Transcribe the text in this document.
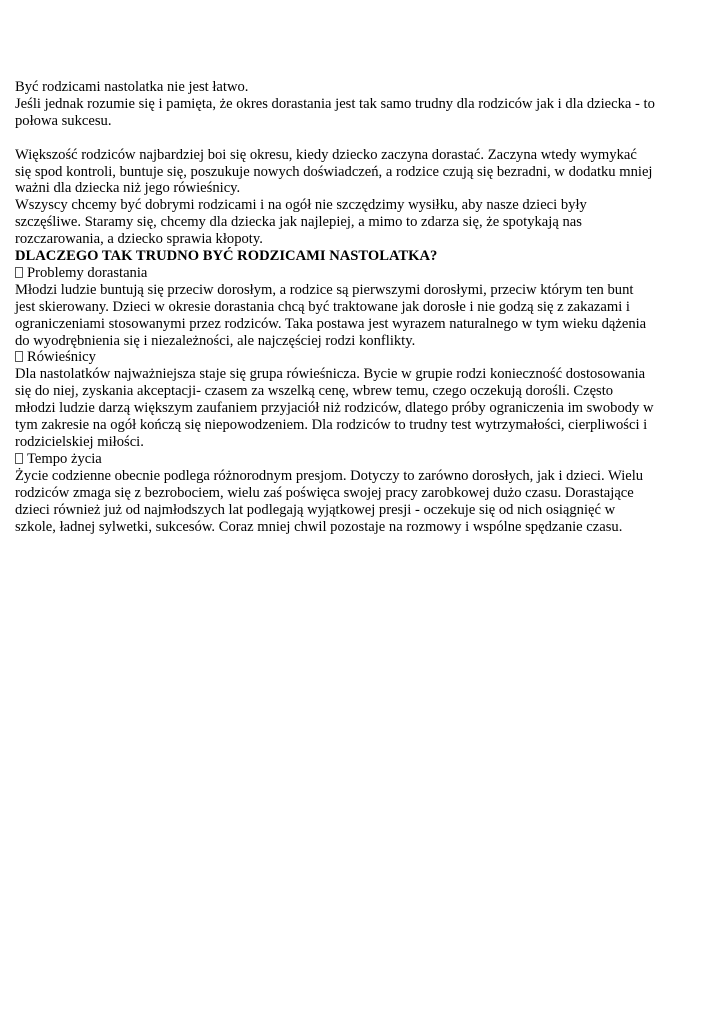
Być rodzicami nastolatka nie jest łatwo.

Jeśli jednak rozumie się i pamięta, że okres dorastania jest tak samo trudny dla rodziców jak i dla dziecka - to połowa sukcesu.

Większość rodziców najbardziej boi się okresu, kiedy dziecko zaczyna dorastać. Zaczyna wtedy wymykać się spod kontroli, buntuje się, poszukuje nowych doświadczeń, a rodzice czują się bezradni, w dodatku mniej ważni dla dziecka niż jego rówieśnicy.

Wszyscy chcemy być dobrymi rodzicami i na ogół nie szczędzimy wysiłku, aby nasze dzieci były szczęśliwe. Staramy się, chcemy dla dziecka jak najlepiej, a mimo to zdarza się, że spotykają nas rozczarowania, a dziecko sprawia kłopoty.

DLACZEGO TAK TRUDNO BYĆ RODZICAMI NASTOLATKA?

Problemy dorastania

Młodzi ludzie buntują się przeciw dorosłym, a rodzice są pierwszymi dorosłymi, przeciw którym ten bunt jest skierowany. Dzieci w okresie dorastania chcą być traktowane jak dorosłe i nie godzą się z zakazami i ograniczeniami stosowanymi przez rodziców. Taka postawa jest wyrazem naturalnego w tym wieku dążenia do wyodrębnienia się i niezależności, ale najczęściej rodzi konflikty.

Rówieśnicy

Dla nastolatków najważniejsza staje się grupa rówieśnicza. Bycie w grupie rodzi konieczność dostosowania się do niej, zyskania akceptacji- czasem za wszelką cenę, wbrew temu, czego oczekują dorośli. Często młodzi ludzie darzą większym zaufaniem przyjaciół niż rodziców, dlatego próby ograniczenia im swobody w tym zakresie na ogół kończą się niepowodzeniem. Dla rodziców to trudny test wytrzymałości, cierpliwości i rodzicielskiej miłości.

Tempo życia

Życie codzienne obecnie podlega różnorodnym presjom. Dotyczy to zarówno dorosłych, jak i dzieci. Wielu rodziców zmaga się z bezrobociem, wielu zaś poświęca swojej pracy zarobkowej dużo czasu. Dorastające dzieci również już od najmłodszych lat podlegają wyjątkowej presji - oczekuje się od nich osiągnięć w szkole, ładnej sylwetki, sukcesów. Coraz mniej chwil pozostaje na rozmowy i wspólne spędzanie czasu.
